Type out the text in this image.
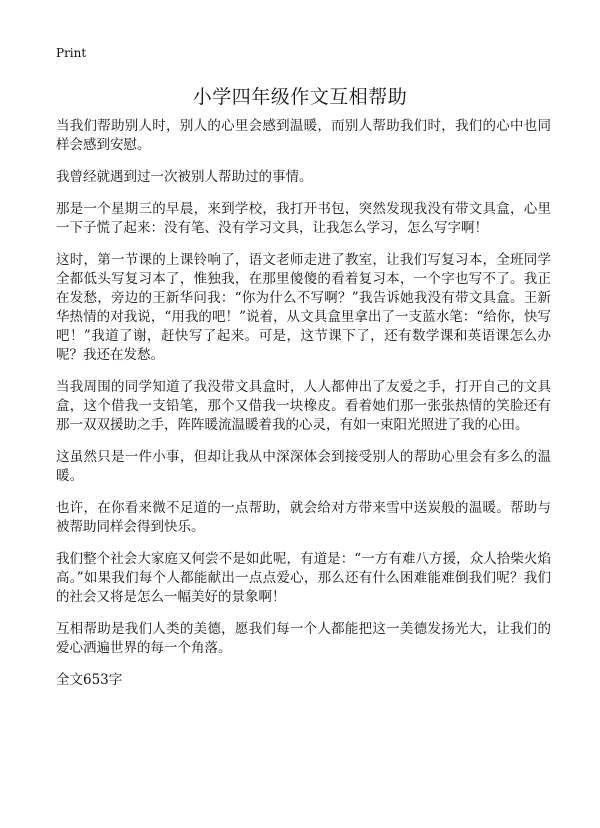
Print
小学四年级作文互相帮助

当我们帮助别人时，别人的心里会感到温暖，而别人帮助我们时，我们的心中也同样会感到安慰。

我曾经就遇到过一次被别人帮助过的事情。

那是一个星期三的早晨，来到学校，我打开书包，突然发现我没有带文具盒，心里一下子慌了起来：没有笔、没有学习文具，让我怎么学习，怎么写字啊！

这时，第一节课的上课铃响了，语文老师走进了教室，让我们写复习本，全班同学全都低头写复习本了，惟独我，在那里傻傻的看着复习本，一个字也写不了。我正在发愁，旁边的王新华问我：“你为什么不写啊？”我告诉她我没有带文具盒。王新华热情的对我说，“用我的吧！”说着，从文具盒里拿出了一支蓝水笔：“给你，快写吧！”我道了谢，赶快写了起来。可是，这节课下了，还有数学课和英语课怎么办呢？我还在发愁。

当我周围的同学知道了我没带文具盒时，人人都伸出了友爱之手，打开自己的文具盒，这个借我一支铅笔，那个又借我一块橡皮。看着她们那一张张热情的笑脸还有那一双双援助之手，阵阵暖流温暖着我的心灵，有如一束阳光照进了我的心田。

这虽然只是一件小事，但却让我从中深深体会到接受别人的帮助心里会有多么的温暖。

也许，在你看来微不足道的一点帮助，就会给对方带来雪中送炭般的温暖。帮助与被帮助同样会得到快乐。

我们整个社会大家庭又何尝不是如此呢，有道是：“一方有难八方援，众人拾柴火焰高。”如果我们每个人都能献出一点点爱心，那么还有什么困难能难倒我们呢？我们的社会又将是怎么一幅美好的景象啊！

互相帮助是我们人类的美德，愿我们每一个人都能把这一美德发扬光大，让我们的爱心洒遍世界的每一个角落。

全文653字
